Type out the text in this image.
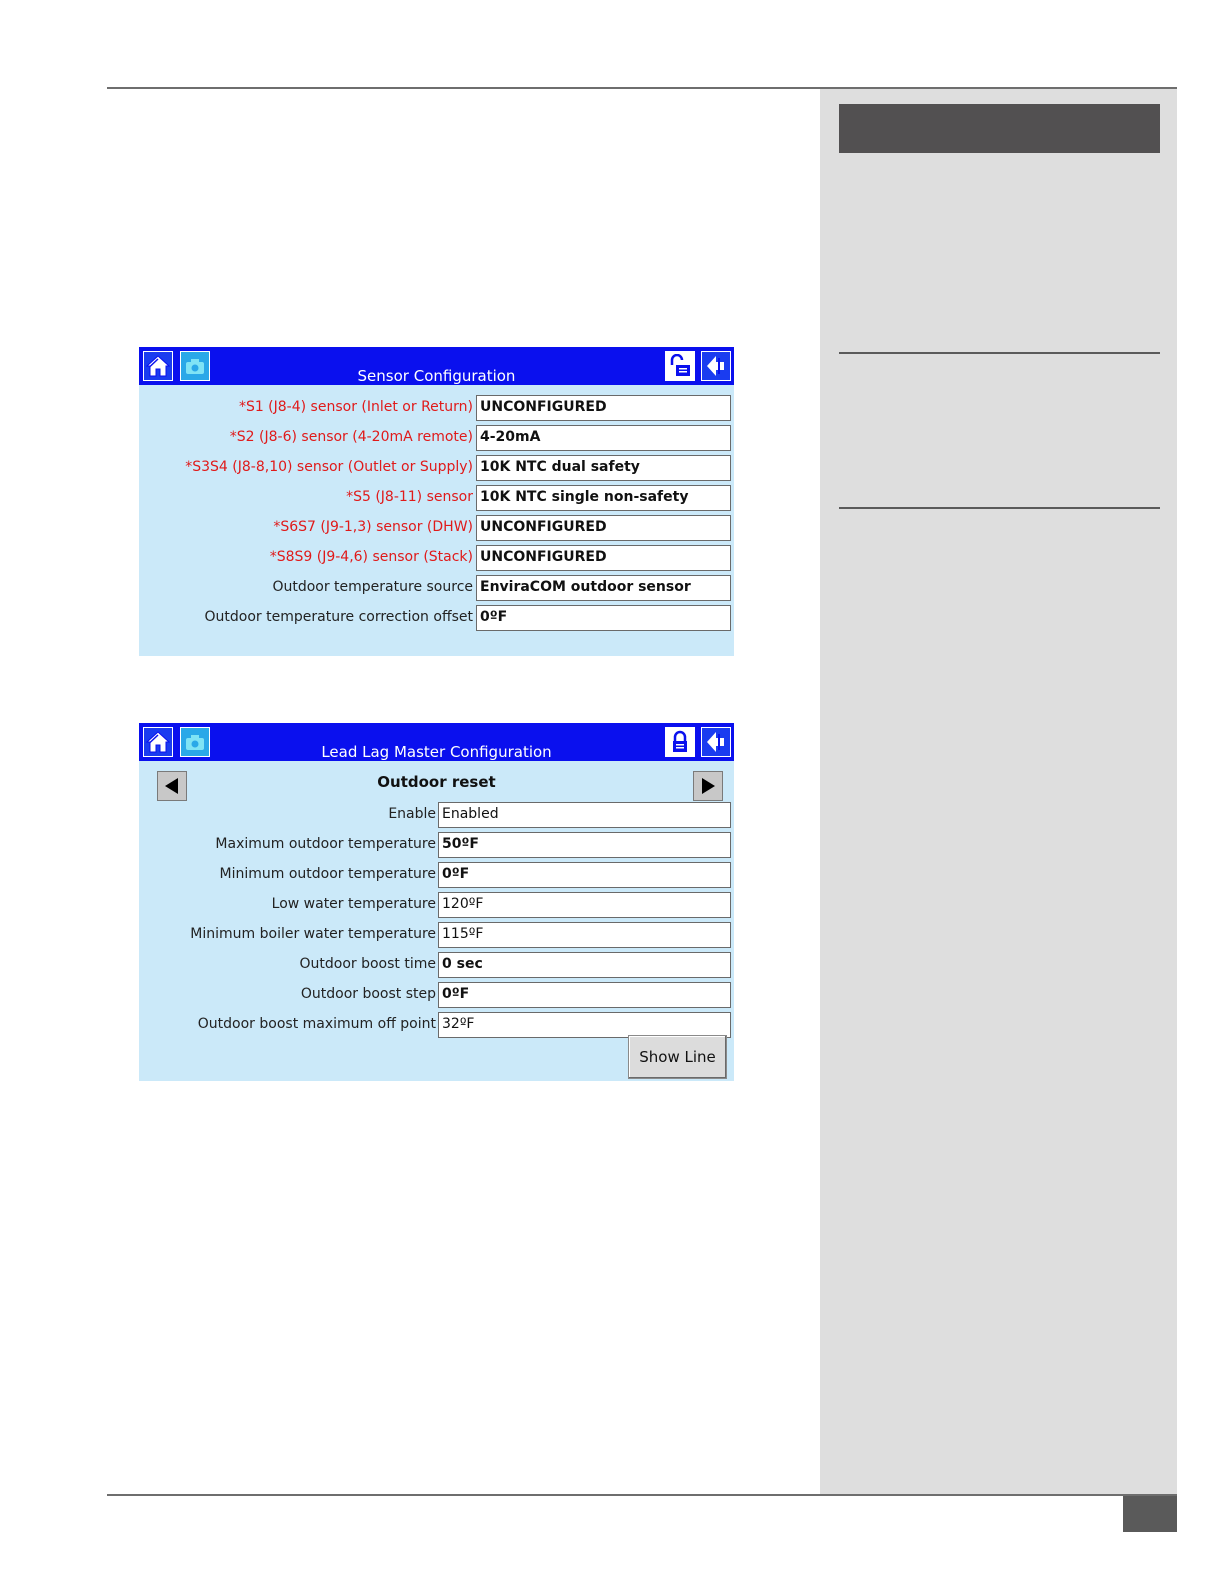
Sensor Configuration
*S1 (J8-4) sensor (Inlet or Return) UNCONFIGURED
*S2 (J8-6) sensor (4-20mA remote) 4-20mA
*S3S4 (J8-8,10) sensor (Outlet or Supply) 10K NTC dual safety
*S5 (J8-11) sensor 10K NTC single non-safety
*S6S7 (J9-1,3) sensor (DHW) UNCONFIGURED
*S8S9 (J9-4,6) sensor (Stack) UNCONFIGURED
Outdoor temperature source EnviraCOM outdoor sensor
Outdoor temperature correction offset 0ºF
Lead Lag Master Configuration
Outdoor reset
Enable Enabled
Maximum outdoor temperature 50ºF
Minimum outdoor temperature 0ºF
Low water temperature 120ºF
Minimum boiler water temperature 115ºF
Outdoor boost time 0 sec
Outdoor boost step 0ºF
Outdoor boost maximum off point 32ºF
Show Line
